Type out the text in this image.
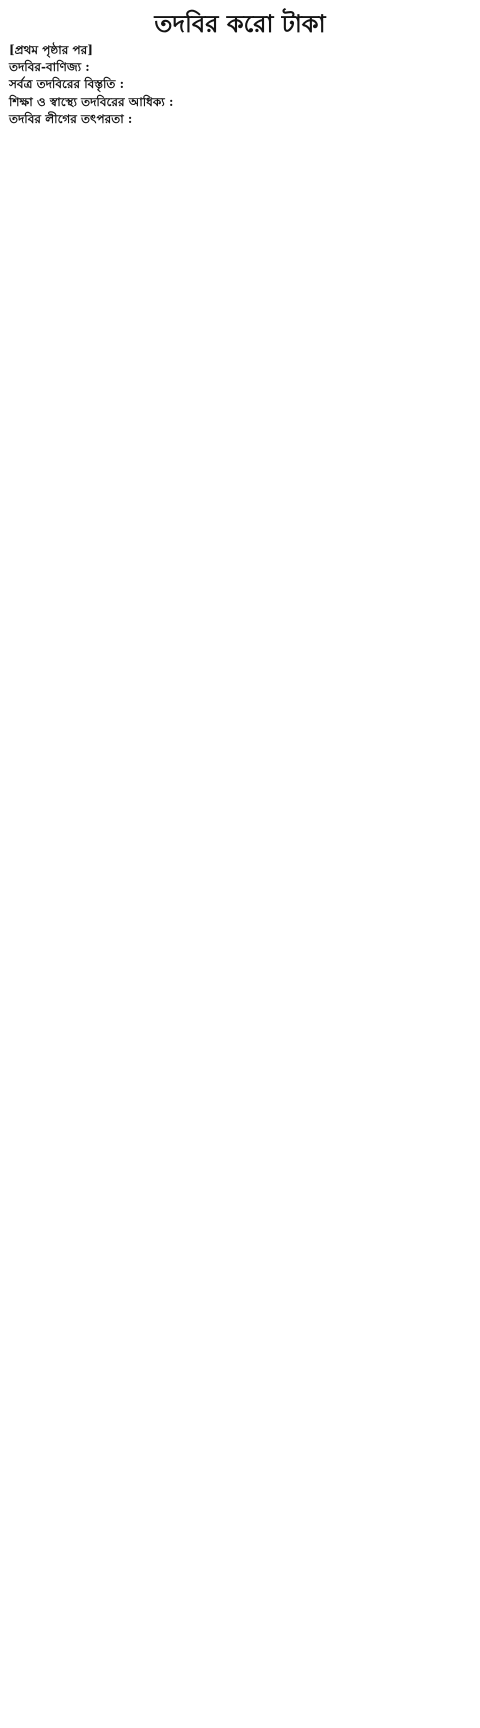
তদবির করো টাকা

[প্রথম পৃষ্ঠার পর]

তদবির-বাণিজ্য :

সর্বত্র তদবিরের বিস্তৃতি :

শিক্ষা ও স্বাস্থ্যে তদবিরের আধিক্য :

তদবির লীগের তৎপরতা :
